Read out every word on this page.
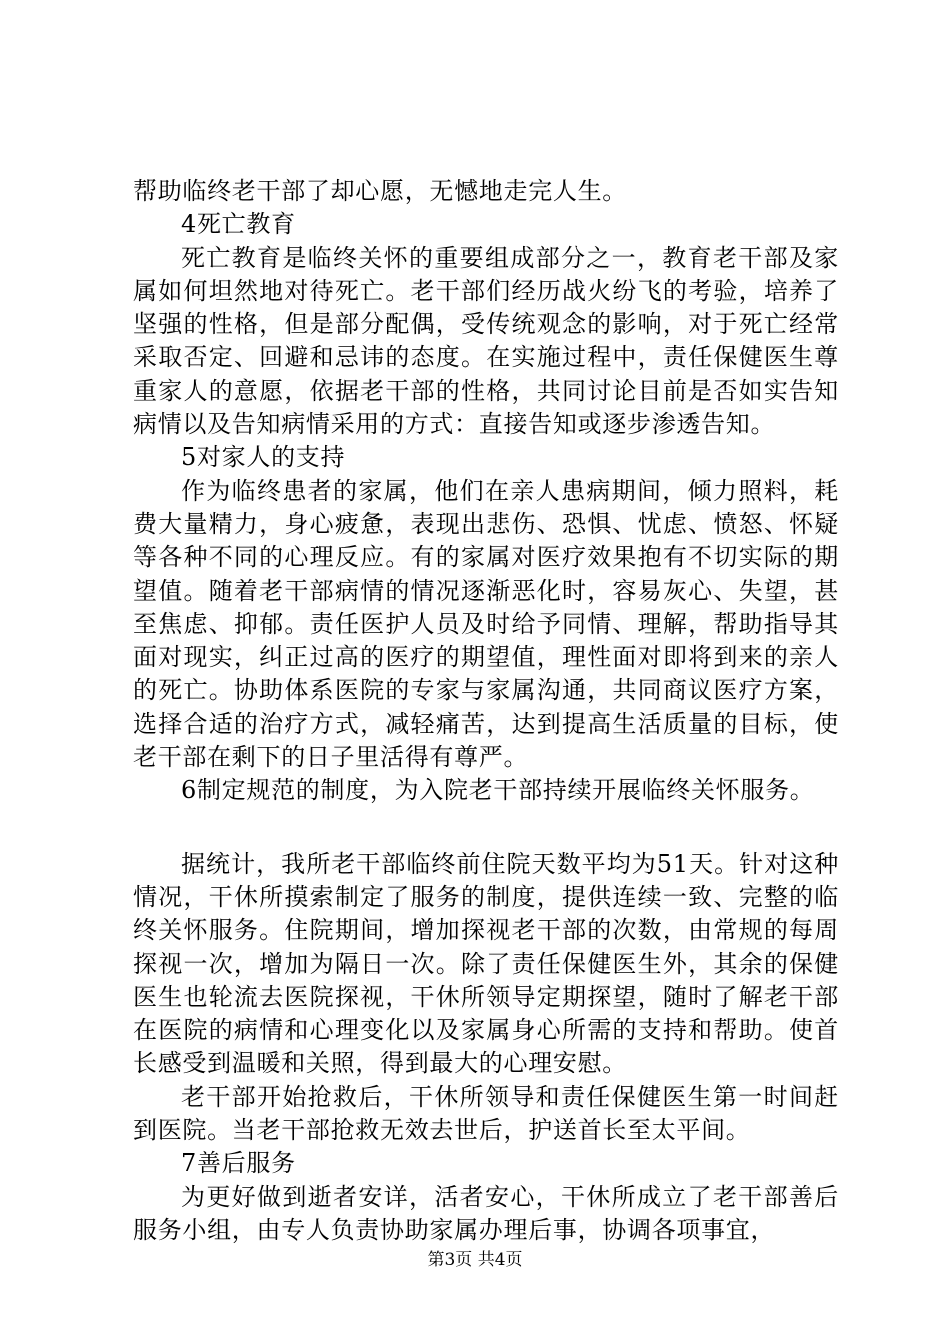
帮助临终老干部了却心愿，无憾地走完人生。

4死亡教育

死亡教育是临终关怀的重要组成部分之一，教育老干部及家属如何坦然地对待死亡。老干部们经历战火纷飞的考验，培养了坚强的性格，但是部分配偶，受传统观念的影响，对于死亡经常采取否定、回避和忌讳的态度。在实施过程中，责任保健医生尊重家人的意愿，依据老干部的性格，共同讨论目前是否如实告知病情以及告知病情采用的方式：直接告知或逐步渗透告知。

5对家人的支持

作为临终患者的家属，他们在亲人患病期间，倾力照料，耗费大量精力，身心疲惫，表现出悲伤、恐惧、忧虑、愤怒、怀疑等各种不同的心理反应。有的家属对医疗效果抱有不切实际的期望值。随着老干部病情的情况逐渐恶化时，容易灰心、失望，甚至焦虑、抑郁。责任医护人员及时给予同情、理解，帮助指导其面对现实，纠正过高的医疗的期望值，理性面对即将到来的亲人的死亡。协助体系医院的专家与家属沟通，共同商议医疗方案，选择合适的治疗方式，减轻痛苦，达到提高生活质量的目标，使老干部在剩下的日子里活得有尊严。

6制定规范的制度，为入院老干部持续开展临终关怀服务。

据统计，我所老干部临终前住院天数平均为51天。针对这种情况，干休所摸索制定了服务的制度，提供连续一致、完整的临终关怀服务。住院期间，增加探视老干部的次数，由常规的每周探视一次，增加为隔日一次。除了责任保健医生外，其余的保健医生也轮流去医院探视，干休所领导定期探望，随时了解老干部在医院的病情和心理变化以及家属身心所需的支持和帮助。使首长感受到温暖和关照，得到最大的心理安慰。

老干部开始抢救后，干休所领导和责任保健医生第一时间赶到医院。当老干部抢救无效去世后，护送首长至太平间。

7善后服务

为更好做到逝者安详，活者安心，干休所成立了老干部善后服务小组，由专人负责协助家属办理后事，协调各项事宜，

第3页 共4页
